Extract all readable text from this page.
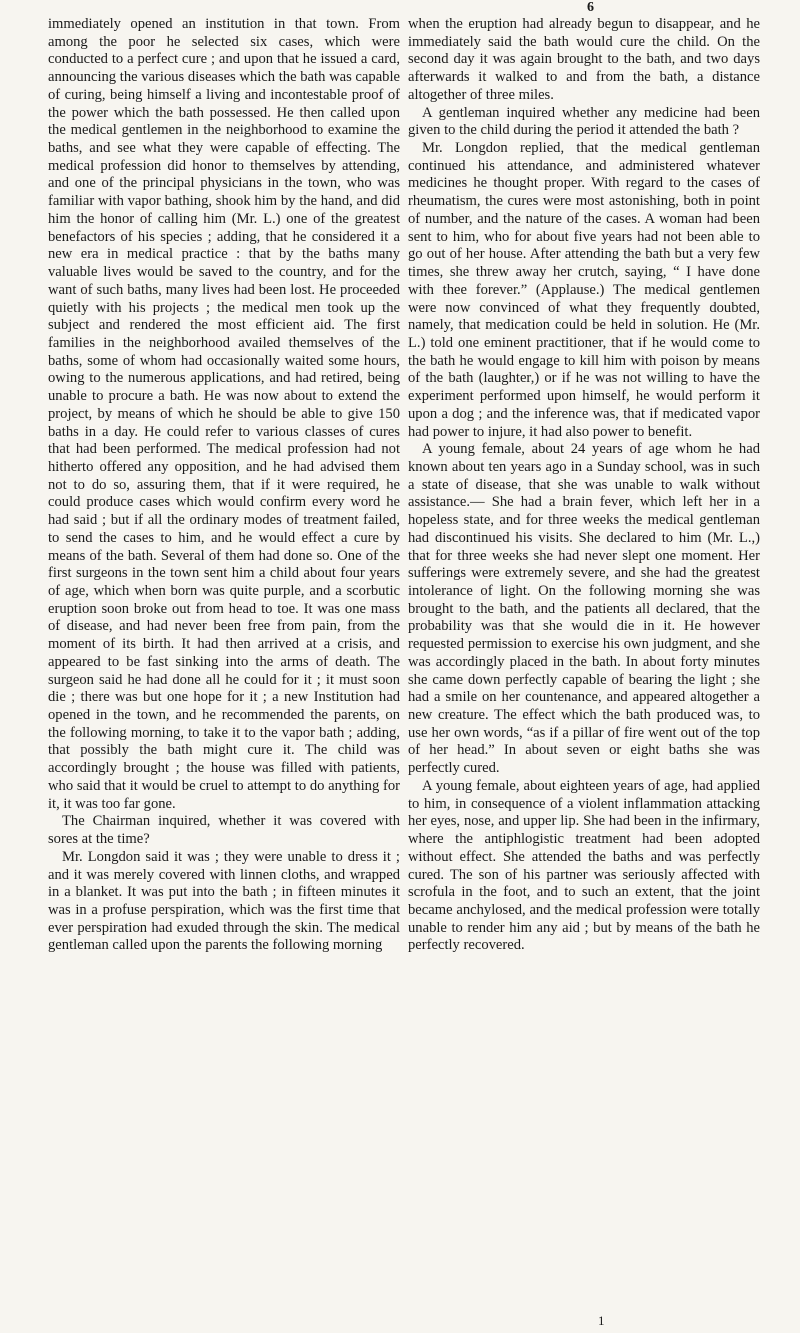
6

immediately opened an institution in that town. From among the poor he selected six cases, which were conducted to a perfect cure ; and upon that he issued a card, announcing the various diseases which the bath was capable of curing, being himself a living and incontestable proof of the power which the bath possessed. He then called upon the medical gentlemen in the neighborhood to examine the baths, and see what they were capable of effecting. The medical profession did honor to themselves by attending, and one of the principal physicians in the town, who was familiar with vapor bathing, shook him by the hand, and did him the honor of calling him (Mr. L.) one of the greatest benefactors of his species ; adding, that he considered it a new era in medical practice : that by the baths many valuable lives would be saved to the country, and for the want of such baths, many lives had been lost. He proceeded quietly with his projects ; the medical men took up the subject and rendered the most efficient aid. The first families in the neighborhood availed themselves of the baths, some of whom had occasionally waited some hours, owing to the numerous applications, and had retired, being unable to procure a bath. He was now about to extend the project, by means of which he should be able to give 150 baths in a day. He could refer to various classes of cures that had been performed. The medical profession had not hitherto offered any opposition, and he had advised them not to do so, assuring them, that if it were required, he could produce cases which would confirm every word he had said ; but if all the ordinary modes of treatment failed, to send the cases to him, and he would effect a cure by means of the bath. Several of them had done so. One of the first surgeons in the town sent him a child about four years of age, which when born was quite purple, and a scorbutic eruption soon broke out from head to toe. It was one mass of disease, and had never been free from pain, from the moment of its birth. It had then arrived at a crisis, and appeared to be fast sinking into the arms of death. The surgeon said he had done all he could for it ; it must soon die ; there was but one hope for it ; a new Institution had opened in the town, and he recommended the parents, on the following morning, to take it to the vapor bath ; adding, that possibly the bath might cure it. The child was accordingly brought ; the house was filled with patients, who said that it would be cruel to attempt to do anything for it, it was too far gone.

The Chairman inquired, whether it was covered with sores at the time?

Mr. Longdon said it was ; they were unable to dress it ; and it was merely covered with linnen cloths, and wrapped in a blanket. It was put into the bath ; in fifteen minutes it was in a profuse perspiration, which was the first time that ever perspiration had exuded through the skin. The medical gentleman called upon the parents the following morning

when the eruption had already begun to disappear, and he immediately said the bath would cure the child. On the second day it was again brought to the bath, and two days afterwards it walked to and from the bath, a distance altogether of three miles.

A gentleman inquired whether any medicine had been given to the child during the period it attended the bath ?

Mr. Longdon replied, that the medical gentleman continued his attendance, and administered whatever medicines he thought proper. With regard to the cases of rheumatism, the cures were most astonishing, both in point of number, and the nature of the cases. A woman had been sent to him, who for about five years had not been able to go out of her house. After attending the bath but a very few times, she threw away her crutch, saying, “ I have done with thee forever.” (Applause.) The medical gentlemen were now convinced of what they frequently doubted, namely, that medication could be held in solution. He (Mr. L.) told one eminent practitioner, that if he would come to the bath he would engage to kill him with poison by means of the bath (laughter,) or if he was not willing to have the experiment performed upon himself, he would perform it upon a dog ; and the inference was, that if medicated vapor had power to injure, it had also power to benefit.

A young female, about 24 years of age whom he had known about ten years ago in a Sunday school, was in such a state of disease, that she was unable to walk without assistance.— She had a brain fever, which left her in a hopeless state, and for three weeks the medical gentleman had discontinued his visits. She declared to him (Mr. L.,) that for three weeks she had never slept one moment. Her sufferings were extremely severe, and she had the greatest intolerance of light. On the following morning she was brought to the bath, and the patients all declared, that the probability was that she would die in it. He however requested permission to exercise his own judgment, and she was accordingly placed in the bath. In about forty minutes she came down perfectly capable of bearing the light ; she had a smile on her countenance, and appeared altogether a new creature. The effect which the bath produced was, to use her own words, “as if a pillar of fire went out of the top of her head.” In about seven or eight baths she was perfectly cured.

A young female, about eighteen years of age, had applied to him, in consequence of a violent inflammation attacking her eyes, nose, and upper lip. She had been in the infirmary, where the antiphlogistic treatment had been adopted without effect. She attended the baths and was perfectly cured. The son of his partner was seriously affected with scrofula in the foot, and to such an extent, that the joint became anchylosed, and the medical profession were totally unable to render him any aid ; but by means of the bath he perfectly recovered.

1
